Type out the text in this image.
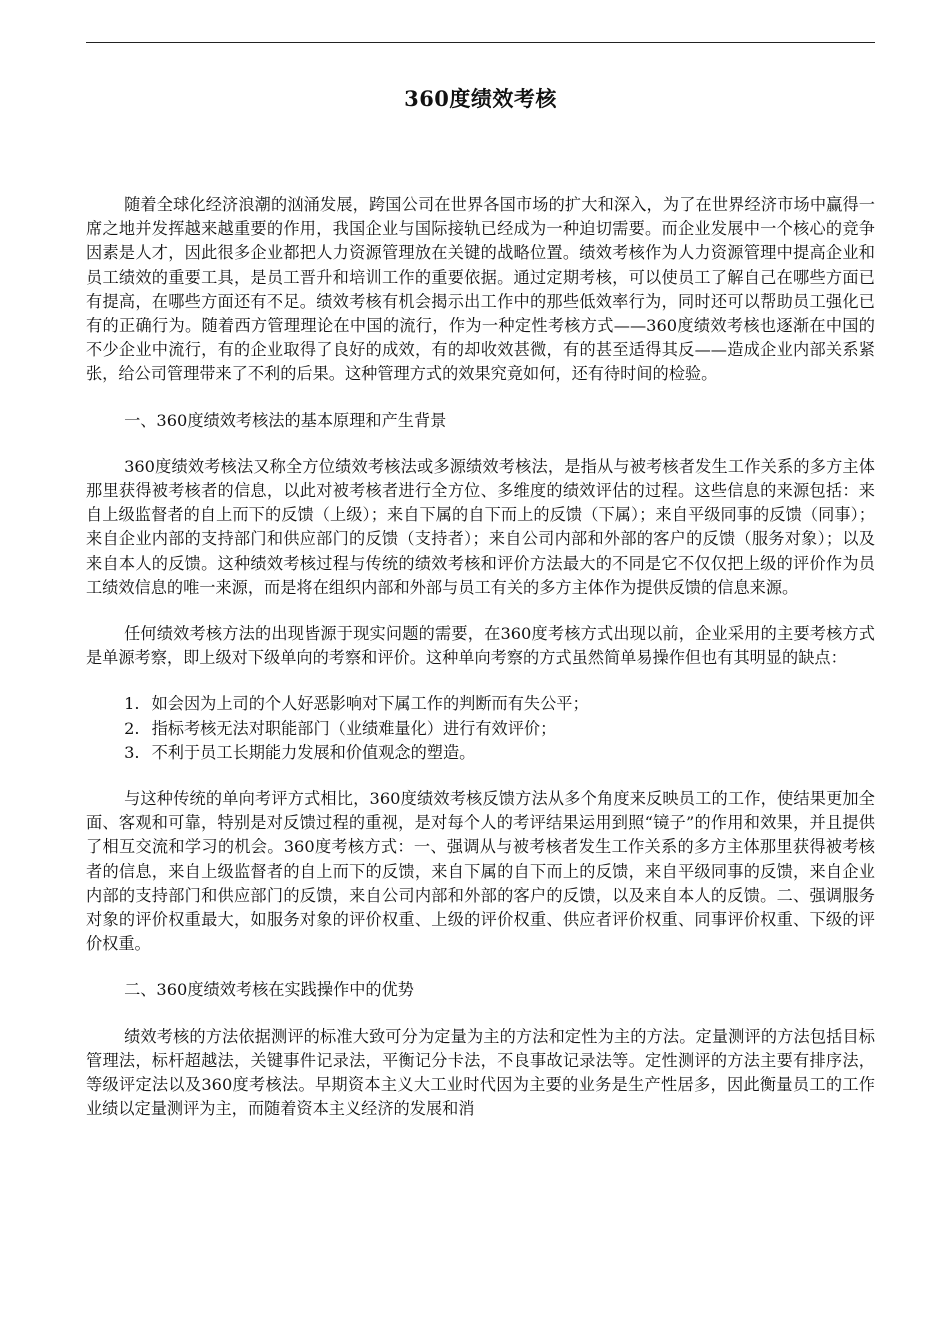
360度绩效考核

随着全球化经济浪潮的汹涌发展，跨国公司在世界各国市场的扩大和深入，为了在世界经济市场中赢得一席之地并发挥越来越重要的作用，我国企业与国际接轨已经成为一种迫切需要。而企业发展中一个核心的竞争因素是人才，因此很多企业都把人力资源管理放在关键的战略位置。绩效考核作为人力资源管理中提高企业和员工绩效的重要工具，是员工晋升和培训工作的重要依据。通过定期考核，可以使员工了解自己在哪些方面已有提高，在哪些方面还有不足。绩效考核有机会揭示出工作中的那些低效率行为，同时还可以帮助员工强化已有的正确行为。随着西方管理理论在中国的流行，作为一种定性考核方式——360度绩效考核也逐渐在中国的不少企业中流行，有的企业取得了良好的成效，有的却收效甚微，有的甚至适得其反——造成企业内部关系紧张，给公司管理带来了不利的后果。这种管理方式的效果究竟如何，还有待时间的检验。

一、360度绩效考核法的基本原理和产生背景

360度绩效考核法又称全方位绩效考核法或多源绩效考核法，是指从与被考核者发生工作关系的多方主体那里获得被考核者的信息，以此对被考核者进行全方位、多维度的绩效评估的过程。这些信息的来源包括：来自上级监督者的自上而下的反馈（上级）；来自下属的自下而上的反馈（下属）；来自平级同事的反馈（同事）；来自企业内部的支持部门和供应部门的反馈（支持者）；来自公司内部和外部的客户的反馈（服务对象）；以及来自本人的反馈。这种绩效考核过程与传统的绩效考核和评价方法最大的不同是它不仅仅把上级的评价作为员工绩效信息的唯一来源，而是将在组织内部和外部与员工有关的多方主体作为提供反馈的信息来源。

任何绩效考核方法的出现皆源于现实问题的需要，在360度考核方式出现以前，企业采用的主要考核方式是单源考察，即上级对下级单向的考察和评价。这种单向考察的方式虽然简单易操作但也有其明显的缺点：

1. 如会因为上司的个人好恶影响对下属工作的判断而有失公平；
2. 指标考核无法对职能部门（业绩难量化）进行有效评价；
3. 不利于员工长期能力发展和价值观念的塑造。

与这种传统的单向考评方式相比，360度绩效考核反馈方法从多个角度来反映员工的工作，使结果更加全面、客观和可靠，特别是对反馈过程的重视，是对每个人的考评结果运用到照“镜子”的作用和效果，并且提供了相互交流和学习的机会。360度考核方式：一、强调从与被考核者发生工作关系的多方主体那里获得被考核者的信息，来自上级监督者的自上而下的反馈，来自下属的自下而上的反馈，来自平级同事的反馈，来自企业内部的支持部门和供应部门的反馈，来自公司内部和外部的客户的反馈，以及来自本人的反馈。二、强调服务对象的评价权重最大，如服务对象的评价权重、上级的评价权重、供应者评价权重、同事评价权重、下级的评价权重。

二、360度绩效考核在实践操作中的优势

绩效考核的方法依据测评的标准大致可分为定量为主的方法和定性为主的方法。定量测评的方法包括目标管理法，标杆超越法，关键事件记录法，平衡记分卡法，不良事故记录法等。定性测评的方法主要有排序法，等级评定法以及360度考核法。早期资本主义大工业时代因为主要的业务是生产性居多，因此衡量员工的工作业绩以定量测评为主，而随着资本主义经济的发展和消
